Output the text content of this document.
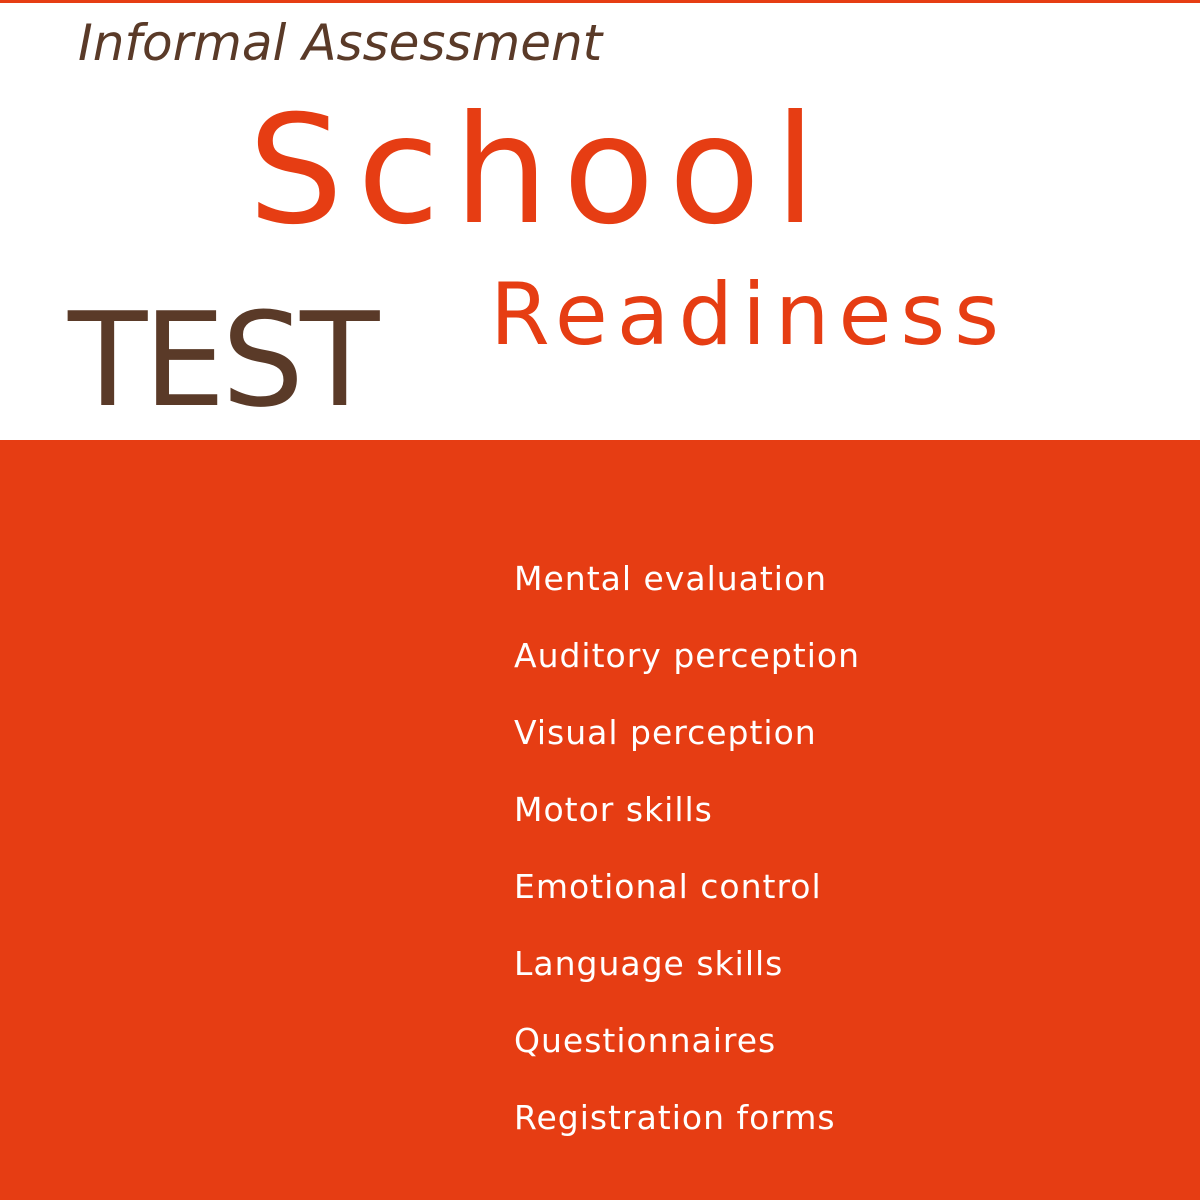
Informal Assessment
School
Readiness
TEST
Mental evaluation
Auditory perception
Visual perception
Motor skills
Emotional control
Language skills
Questionnaires
Registration forms
